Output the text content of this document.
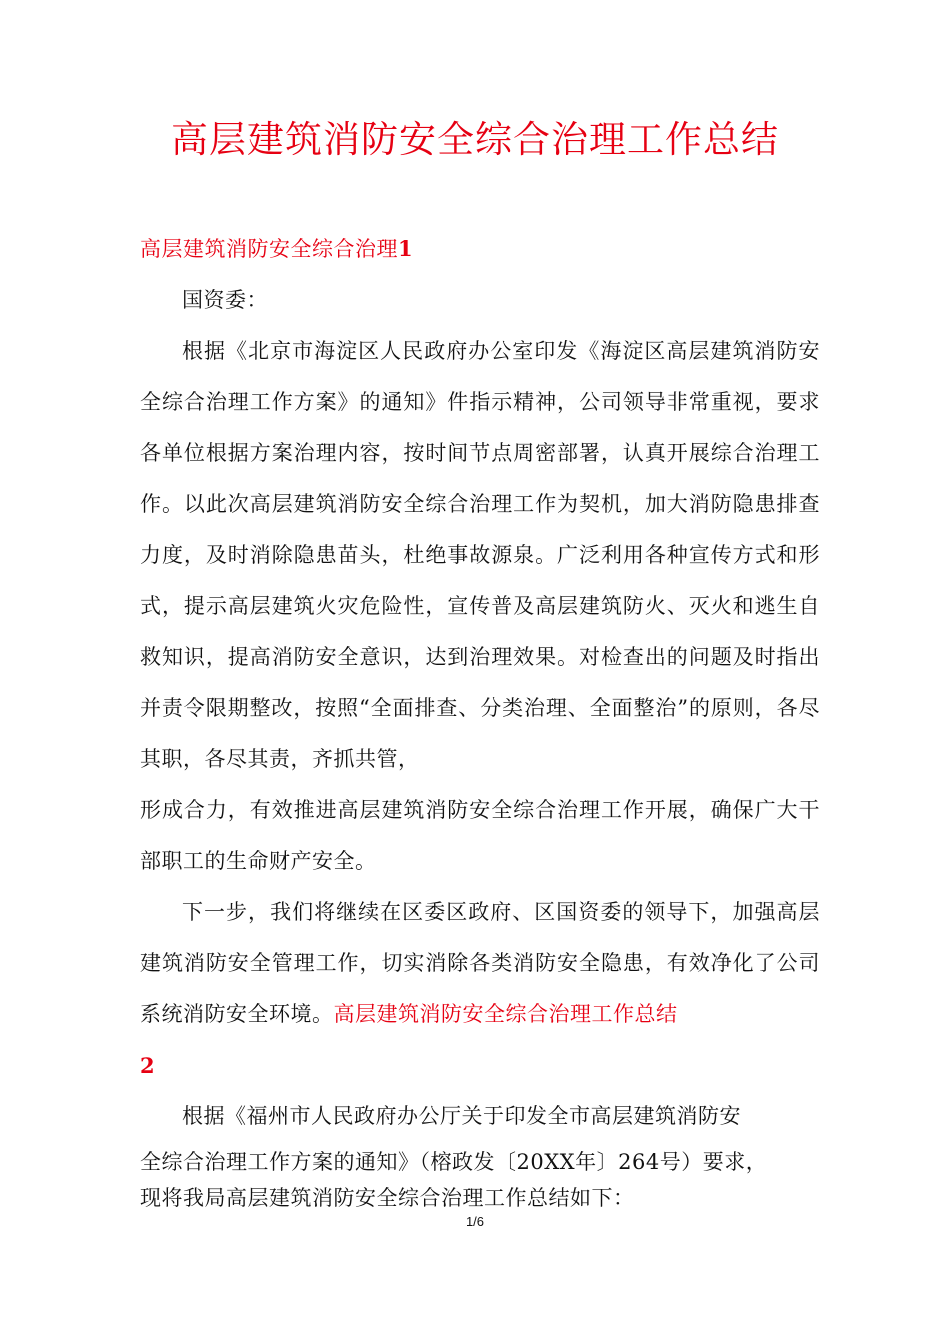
高层建筑消防安全综合治理工作总结

高层建筑消防安全综合治理1

国资委：

根据《北京市海淀区人民政府办公室印发《海淀区高层建筑消防安全综合治理工作方案》的通知》件指示精神，公司领导非常重视，要求各单位根据方案治理内容，按时间节点周密部署，认真开展综合治理工作。以此次高层建筑消防安全综合治理工作为契机，加大消防隐患排查力度，及时消除隐患苗头，杜绝事故源泉。广泛利用各种宣传方式和形式，提示高层建筑火灾危险性，宣传普及高层建筑防火、灭火和逃生自救知识，提高消防安全意识，达到治理效果。对检查出的问题及时指出并责令限期整改，按照“全面排查、分类治理、全面整治”的原则，各尽其职，各尽其责，齐抓共管，

形成合力，有效推进高层建筑消防安全综合治理工作开展，确保广大干部职工的生命财产安全。

下一步，我们将继续在区委区政府、区国资委的领导下，加强高层建筑消防安全管理工作，切实消除各类消防安全隐患，有效净化了公司系统消防安全环境。高层建筑消防安全综合治理工作总结

2

根据《福州市人民政府办公厅关于印发全市高层建筑消防安

全综合治理工作方案的通知》（榕政发〔20XX年〕264号）要求，

现将我局高层建筑消防安全综合治理工作总结如下：

1/6
